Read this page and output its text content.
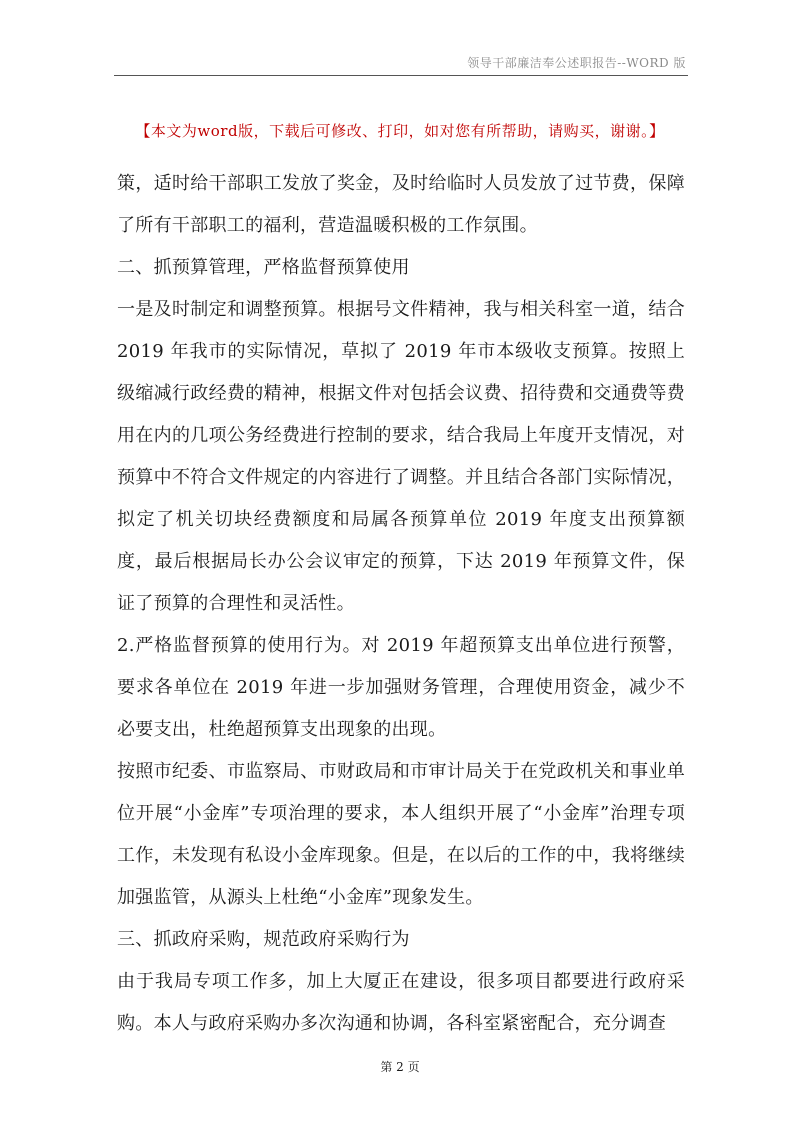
领导干部廉洁奉公述职报告--WORD 版
【本文为word版，下载后可修改、打印，如对您有所帮助，请购买，谢谢。】

策，适时给干部职工发放了奖金，及时给临时人员发放了过节费，保障了所有干部职工的福利，营造温暖积极的工作氛围。

二、抓预算管理，严格监督预算使用

一是及时制定和调整预算。根据号文件精神，我与相关科室一道，结合 2019 年我市的实际情况，草拟了 2019 年市本级收支预算。按照上级缩减行政经费的精神，根据文件对包括会议费、招待费和交通费等费用在内的几项公务经费进行控制的要求，结合我局上年度开支情况，对预算中不符合文件规定的内容进行了调整。并且结合各部门实际情况，拟定了机关切块经费额度和局属各预算单位 2019 年度支出预算额度，最后根据局长办公会议审定的预算，下达 2019 年预算文件，保证了预算的合理性和灵活性。

2.严格监督预算的使用行为。对 2019 年超预算支出单位进行预警，要求各单位在 2019 年进一步加强财务管理，合理使用资金，减少不必要支出，杜绝超预算支出现象的出现。

按照市纪委、市监察局、市财政局和市审计局关于在党政机关和事业单位开展“小金库”专项治理的要求，本人组织开展了“小金库”治理专项工作，未发现有私设小金库现象。但是，在以后的工作的中，我将继续加强监管，从源头上杜绝“小金库”现象发生。

三、抓政府采购，规范政府采购行为

由于我局专项工作多，加上大厦正在建设，很多项目都要进行政府采购。本人与政府采购办多次沟通和协调，各科室紧密配合，充分调查

第 2 页
